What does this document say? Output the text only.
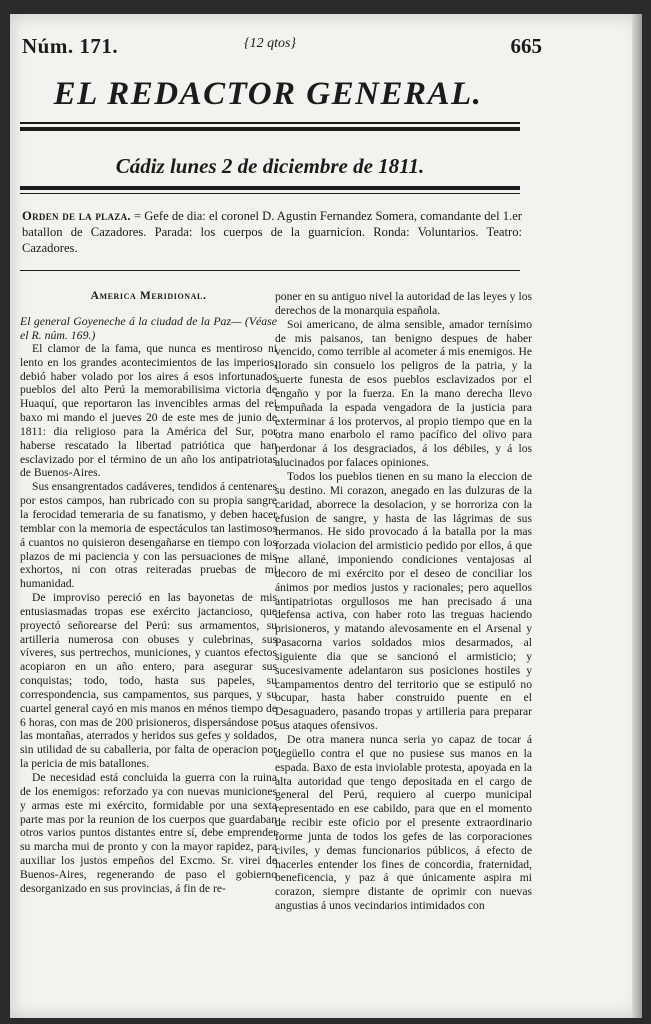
Núm. 171.	{12 qtos}	665
EL REDACTOR GENERAL.
Cádiz lunes 2 de diciembre de 1811.
Orden de la plaza. = Gefe de dia: el coronel D. Agustin Fernandez Somera, comandante del 1.er batallon de Cazadores. Parada: los cuerpos de la guarnicion. Ronda: Voluntarios. Teatro: Cazadores.
America Meridional.

El general Goyeneche á la ciudad de la Paz— (Véase el R. núm. 169.)

El clamor de la fama, que nunca es mentiroso ni lento en los grandes acontecimientos de las imperios, debió haber volado por los aires á esos infortunados pueblos del alto Perú la memorabilisima victoria de Huaquí, que reportaron las invencibles armas del rei baxo mi mando el jueves 20 de este mes de junio de 1811: dia religioso para la América del Sur, por haberse rescatado la libertad patriótica que han esclavizado por el término de un año los antipatriotas de Buenos-Aires.

Sus ensangrentados cadáveres, tendidos á centenares por estos campos, han rubricado con su propia sangre la ferocidad temeraria de su fanatismo, y deben hacer temblar con la memoria de espectáculos tan lastimosos á cuantos no quisieron desengañarse en tiempo con los plazos de mi paciencia y con las persuaciones de mis exhortos, ni con otras reiteradas pruebas de mi humanidad.

De improviso pereció en las bayonetas de mis entusiasmadas tropas ese exército jactancioso, que proyectó señorearse del Perú: sus armamentos, su artilleria numerosa con obuses y culebrinas, sus víveres, sus pertrechos, municiones, y cuantos efectos acopiaron en un año entero, para asegurar sus conquistas; todo, todo, hasta sus papeles, su correspondencia, sus campamentos, sus parques, y su cuartel general cayó en mis manos en ménos tiempo de 6 horas, con mas de 200 prisioneros, dispersándose por las montañas, aterrados y heridos sus gefes y soldados, sin utilidad de su caballeria, por falta de operacion por la pericia de mis batallones.

De necesidad está concluida la guerra con la ruina de los enemigos: reforzado ya con nuevas municiones y armas este mi exército, formidable por una sexta parte mas por la reunion de los cuerpos que guardaban otros varios puntos distantes entre sí, debe emprender su marcha mui de pronto y con la mayor rapidez, para auxiliar los justos empeños del Excmo. Sr. virei de Buenos-Aires, regenerando de paso el gobierno desorganizado en sus provincias, á fin de re-

poner en su antiguo nivel la autoridad de las leyes y los derechos de la monarquia española.

Soi americano, de alma sensible, amador ternísimo de mis paisanos, tan benigno despues de haber vencido, como terrible al acometer á mis enemigos. He llorado sin consuelo los peligros de la patria, y la suerte funesta de esos pueblos esclavizados por el engaño y por la fuerza. En la mano derecha llevo empuñada la espada vengadora de la justicia para exterminar á los protervos, al propio tiempo que en la otra mano enarbolo el ramo pacífico del olivo para perdonar á los desgraciados, á los débiles, y á los alucinados por falaces opiniones.

Todos los pueblos tienen en su mano la eleccion de su destino. Mi corazon, anegado en las dulzuras de la caridad, aborrece la desolacion, y se horroriza con la efusion de sangre, y hasta de las lágrimas de sus hermanos. He sido provocado á la batalla por la mas forzada violacion del armisticio pedido por ellos, á que me allané, imponiendo condiciones ventajosas al decoro de mi exército por el deseo de conciliar los ánimos por medios justos y racionales; pero aquellos antipatriotas orgullosos me han precisado á una defensa activa, con haber roto las treguas haciendo prisioneros, y matando alevosamente en el Arsenal y Pasacorna varios soldados mios desarmados, al siguiente dia que se sancionó el armisticio; y sucesivamente adelantaron sus posiciones hostiles y campamentos dentro del territorio que se estipuló no ocupar, hasta haber construido puente en el Desaguadero, pasando tropas y artilleria para preparar sus ataques ofensivos.

De otra manera nunca seria yo capaz de tocar á degüello contra el que no pusiese sus manos en la espada. Baxo de esta inviolable protesta, apoyada en la alta autoridad que tengo depositada en el cargo de general del Perú, requiero al cuerpo municipal representado en ese cabildo, para que en el momento de recibir este oficio por el presente extraordinario forme junta de todos los gefes de las corporaciones civiles, y demas funcionarios públicos, á efecto de hacerles entender los fines de concordia, fraternidad, beneficencia, y paz á que únicamente aspira mi corazon, siempre distante de oprimir con nuevas angustias á unos vecindarios intimidados con
